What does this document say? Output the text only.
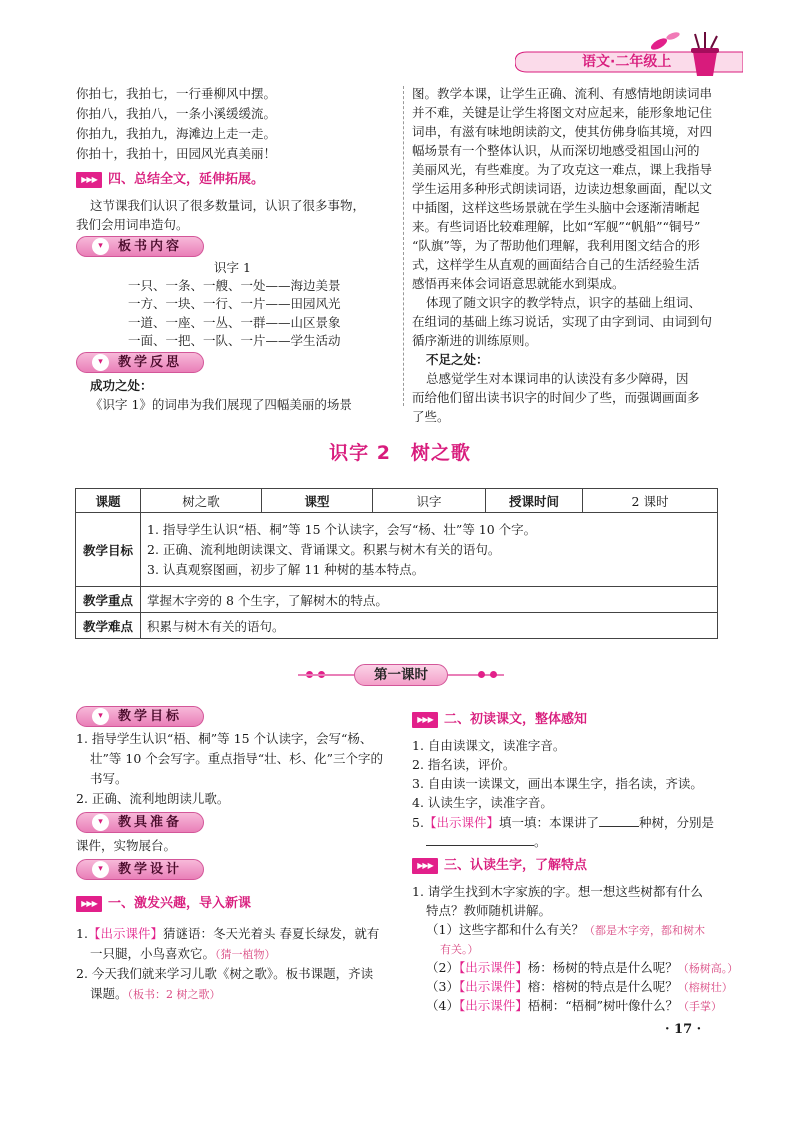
语文·二年级上
你拍七，我拍七，一行垂柳风中摆。
你拍八，我拍八，一条小溪缓缓流。
你拍九，我拍九，海滩边上走一走。
你拍十，我拍十，田园风光真美丽！
▶▶▶ 四、总结全文，延伸拓展。
这节课我们认识了很多数量词，认识了很多事物，
我们会用词串造句。
▾	板书内容
识字 1
一只、一条、一艘、一处——海边美景
一方、一块、一行、一片——田园风光
一道、一座、一丛、一群——山区景象
一面、一把、一队、一片——学生活动
▾	教学反思
成功之处：
《识字 1》的词串为我们展现了四幅美丽的场景
图。教学本课，让学生正确、流利、有感情地朗读词串
并不难，关键是让学生将图文对应起来，能形象地记住
词串，有滋有味地朗读韵文，使其仿佛身临其境，对四
幅场景有一个整体认识，从而深切地感受祖国山河的
美丽风光，有些难度。为了攻克这一难点，课上我指导
学生运用多种形式朗读词语，边读边想象画面，配以文
中插图，这样这些场景就在学生头脑中会逐渐清晰起
来。有些词语比较难理解，比如“军舰”“帆船”“铜号”
“队旗”等，为了帮助他们理解，我利用图文结合的形
式，这样学生从直观的画面结合自己的生活经验生活
感悟再来体会词语意思就能水到渠成。
体现了随文识字的教学特点，识字的基础上组词、
在组词的基础上练习说话，实现了由字到词、由词到句
循序渐进的训练原则。
不足之处：
总感觉学生对本课词串的认读没有多少障碍，因
而给他们留出读书识字的时间少了些，而强调画面多
了些。
识字 2　树之歌
课题	树之歌	课型	识字	授课时间	2 课时
教学目标	1. 指导学生认识“梧、桐”等 15 个认读字，会写“杨、壮”等 10 个字。
2. 正确、流利地朗读课文、背诵课文。积累与树木有关的语句。
3. 认真观察图画，初步了解 11 种树的基本特点。				

教学重点	掌握木字旁的 8 个生字，了解树木的特点。				
教学难点	积累与树木有关的语句。				
第一课时
▾	教学目标
1. 指导学生认识“梧、桐”等 15 个认读字，会写“杨、
壮”等 10 个会写字。重点指导“壮、杉、化”三个字的
书写。
2. 正确、流利地朗读儿歌。
▾	教具准备
课件，实物展台。
▾	教学设计
▶▶▶ 一、激发兴趣，导入新课
1.【出示课件】猜谜语：冬天光着头 春夏长绿发，就有
一只腿，小鸟喜欢它。（猜一植物）
2. 今天我们就来学习儿歌《树之歌》。板书课题，齐读
课题。（板书：2 树之歌）
▶▶▶ 二、初读课文，整体感知
1. 自由读课文，读准字音。
2. 指名读，评价。
3. 自由读一读课文，画出本课生字，指名读，齐读。
4. 认读生字，读准字音。
5.【出示课件】填一填：本课讲了	种树，分别是
。
▶▶▶ 三、认读生字，了解特点
1. 请学生找到木字家族的字。想一想这些树都有什么
特点？教师随机讲解。
（1）这些字都和什么有关？（都是木字旁，都和树木
有关。）
（2）【出示课件】杨：杨树的特点是什么呢？（杨树高。）
（3）【出示课件】榕：榕树的特点是什么呢？（榕树壮）
（4）【出示课件】梧桐：“梧桐”树叶像什么？（手掌）
· 17 ·
